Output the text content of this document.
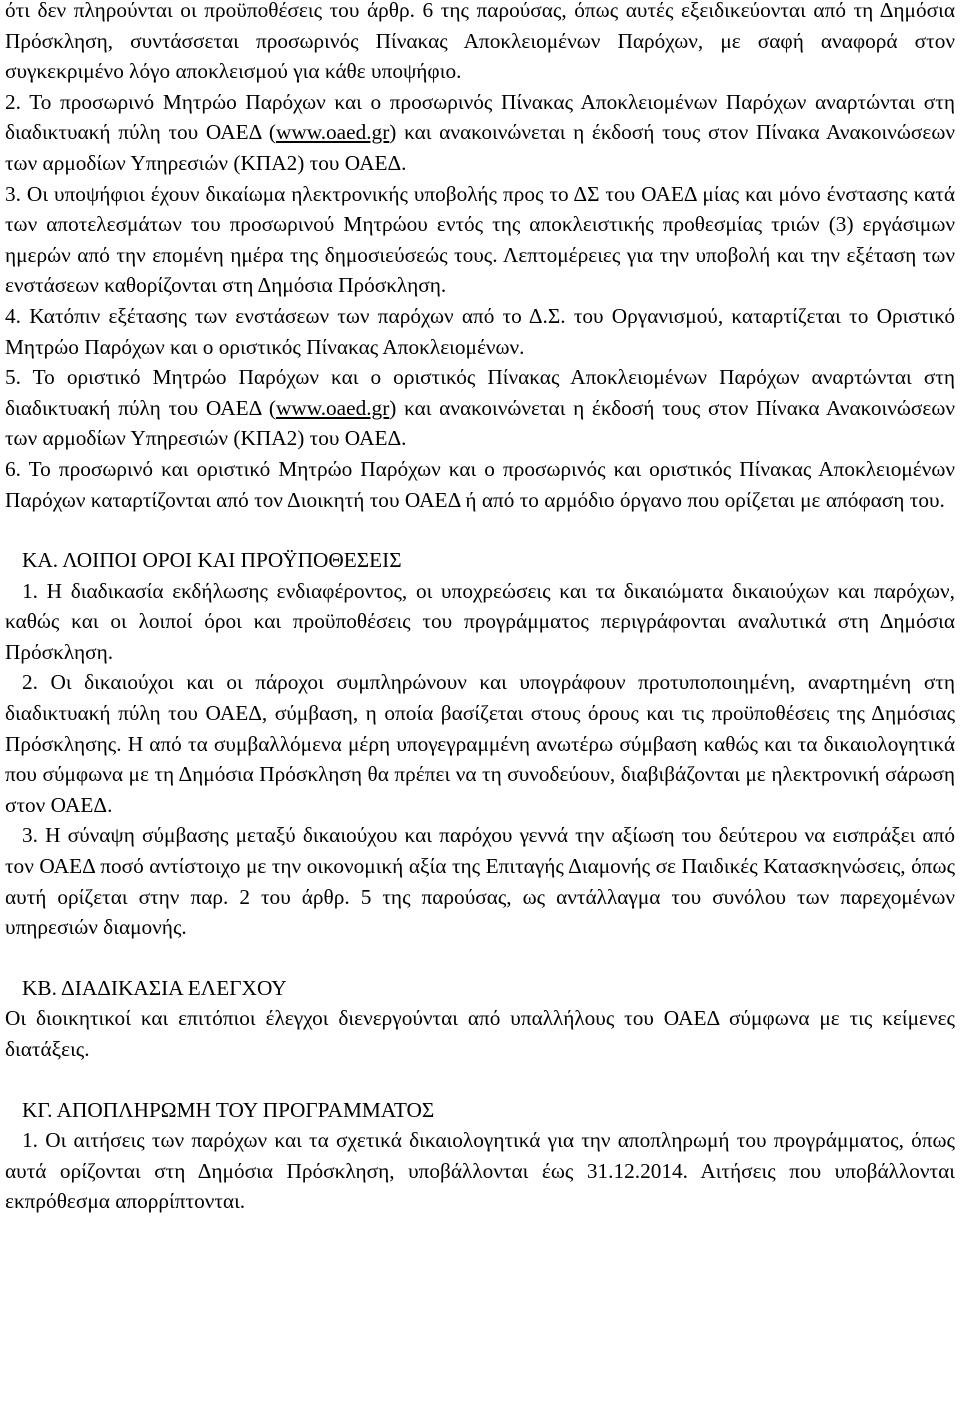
ότι δεν πληρούνται οι προϋποθέσεις του άρθρ. 6 της παρούσας, όπως αυτές εξειδικεύονται από τη Δημόσια Πρόσκληση, συντάσσεται προσωρινός Πίνακας Αποκλειομένων Παρόχων, με σαφή αναφορά στον συγκεκριμένο λόγο αποκλεισμού για κάθε υποψήφιο.

2. Το προσωρινό Μητρώο Παρόχων και ο προσωρινός Πίνακας Αποκλειομένων Παρόχων αναρτώνται στη διαδικτυακή πύλη του ΟΑΕΔ (www.oaed.gr) και ανακοινώνεται η έκδοσή τους στον Πίνακα Ανακοινώσεων των αρμοδίων Υπηρεσιών (ΚΠΑ2) του ΟΑΕΔ.

3. Οι υποψήφιοι έχουν δικαίωμα ηλεκτρονικής υποβολής προς το ΔΣ του ΟΑΕΔ μίας και μόνο ένστασης κατά των αποτελεσμάτων του προσωρινού Μητρώου εντός της αποκλειστικής προθεσμίας τριών (3) εργάσιμων ημερών από την επομένη ημέρα της δημοσιεύσεώς τους. Λεπτομέρειες για την υποβολή και την εξέταση των ενστάσεων καθορίζονται στη Δημόσια Πρόσκληση.

4. Κατόπιν εξέτασης των ενστάσεων των παρόχων από το Δ.Σ. του Οργανισμού, καταρτίζεται το Οριστικό Μητρώο Παρόχων και ο οριστικός Πίνακας Αποκλειομένων.

5. Το οριστικό Μητρώο Παρόχων και ο οριστικός Πίνακας Αποκλειομένων Παρόχων αναρτώνται στη διαδικτυακή πύλη του ΟΑΕΔ (www.oaed.gr) και ανακοινώνεται η έκδοσή τους στον Πίνακα Ανακοινώσεων των αρμοδίων Υπηρεσιών (ΚΠΑ2) του ΟΑΕΔ.

6. Το προσωρινό και οριστικό Μητρώο Παρόχων και ο προσωρινός και οριστικός Πίνακας Αποκλειομένων Παρόχων καταρτίζονται από τον Διοικητή του ΟΑΕΔ ή από το αρμόδιο όργανο που ορίζεται με απόφαση του.

ΚΑ. ΛΟΙΠΟΙ ΟΡΟΙ ΚΑΙ ΠΡΟΫΠΟΘΕΣΕΙΣ

1. Η διαδικασία εκδήλωσης ενδιαφέροντος, οι υποχρεώσεις και τα δικαιώματα δικαιούχων και παρόχων, καθώς και οι λοιποί όροι και προϋποθέσεις του προγράμματος περιγράφονται αναλυτικά στη Δημόσια Πρόσκληση.

2. Οι δικαιούχοι και οι πάροχοι συμπληρώνουν και υπογράφουν προτυποποιημένη, αναρτημένη στη διαδικτυακή πύλη του ΟΑΕΔ, σύμβαση, η οποία βασίζεται στους όρους και τις προϋποθέσεις της Δημόσιας Πρόσκλησης. Η από τα συμβαλλόμενα μέρη υπογεγραμμένη ανωτέρω σύμβαση καθώς και τα δικαιολογητικά που σύμφωνα με τη Δημόσια Πρόσκληση θα πρέπει να τη συνοδεύουν, διαβιβάζονται με ηλεκτρονική σάρωση στον ΟΑΕΔ.

3. Η σύναψη σύμβασης μεταξύ δικαιούχου και παρόχου γεννά την αξίωση του δεύτερου να εισπράξει από τον ΟΑΕΔ ποσό αντίστοιχο με την οικονομική αξία της Επιταγής Διαμονής σε Παιδικές Κατασκηνώσεις, όπως αυτή ορίζεται στην παρ. 2 του άρθρ. 5 της παρούσας, ως αντάλλαγμα του συνόλου των παρεχομένων υπηρεσιών διαμονής.

ΚΒ. ΔΙΑΔΙΚΑΣΙΑ ΕΛΕΓΧΟΥ

Οι διοικητικοί και επιτόπιοι έλεγχοι διενεργούνται από υπαλλήλους του ΟΑΕΔ σύμφωνα με τις κείμενες διατάξεις.

ΚΓ. ΑΠΟΠΛΗΡΩΜΗ ΤΟΥ ΠΡΟΓΡΑΜΜΑΤΟΣ

1. Οι αιτήσεις των παρόχων και τα σχετικά δικαιολογητικά για την αποπληρωμή του προγράμματος, όπως αυτά ορίζονται στη Δημόσια Πρόσκληση, υποβάλλονται έως 31.12.2014. Αιτήσεις που υποβάλλονται εκπρόθεσμα απορρίπτονται.
